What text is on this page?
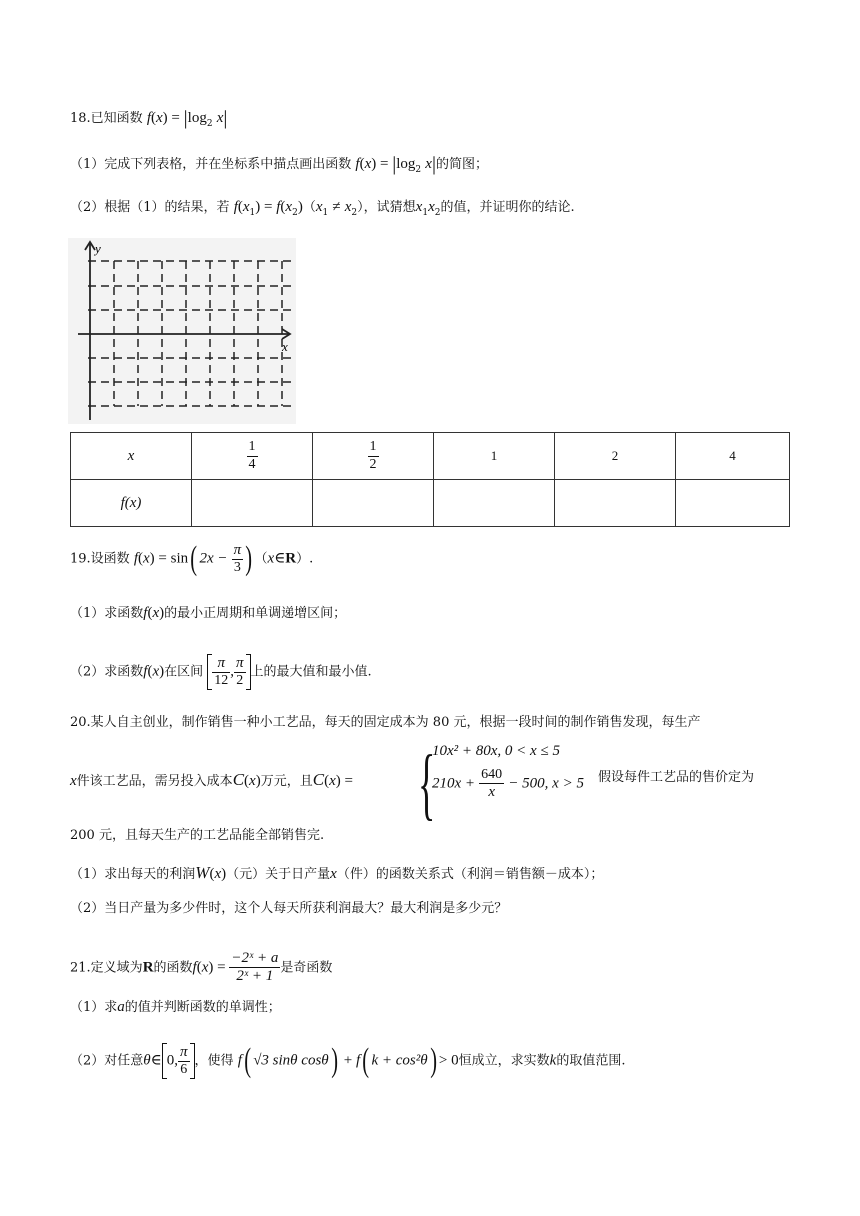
18.已知函数 $f(x) = |\log_2$ x|
（1）完成下列表格，并在坐标系中描点画出函数 $f(x) = |\log_2$ x|的简图；
（2）根据（1）的结果，若 $f(x_1) = f(x_2)(x_1 \ne x_2)$，试猜想$x_1x_2$的值，并证明你的结论.
y
x
x	$\frac{1}{4}$	$\frac{1}{2}$	1	2	4
f(x)					
19.设函数 f(x) = sin( $2x - \frac{\pi}{3}$ ) （x∈R）.
（1）求函数f(x)的最小正周期和单调递增区间；
（2）求函数f(x)在区间 $\frac{\pi}{12}$ , $\frac{\pi}{2}$ 上的最大值和最小值.
20.某人自主创业，制作销售一种小工艺品，每天的固定成本为 80 元，根据一段时间的制作销售发现，每生产
x件该工艺品，需另投入成本C(x)万元，且C(x) = {
10x² + 80x, 0 < x ≤ 5
$210x + \frac{640}{x} - 500$, x > 5 假设每件工艺品的售价定为
200 元，且每天生产的工艺品能全部销售完.
（1）求出每天的利润W(x)（元）关于日产量x（件）的函数关系式（利润＝销售额－成本）；
（2）当日产量为多少件时，这个人每天所获利润最大？最大利润是多少元？
21.定义域为R的函数$f(x) = \frac{\text{−2ˣ + a}}{\text{2ˣ + 1}}$ 是奇函数
（1）求a的值并判断函数的单调性；
（2）对任意θ∈ 0, $\frac{\pi}{6}$ ，使得 f( √3 sinθ cosθ) + f( k + cos²θ) > 0恒成立，求实数k的取值范围.
